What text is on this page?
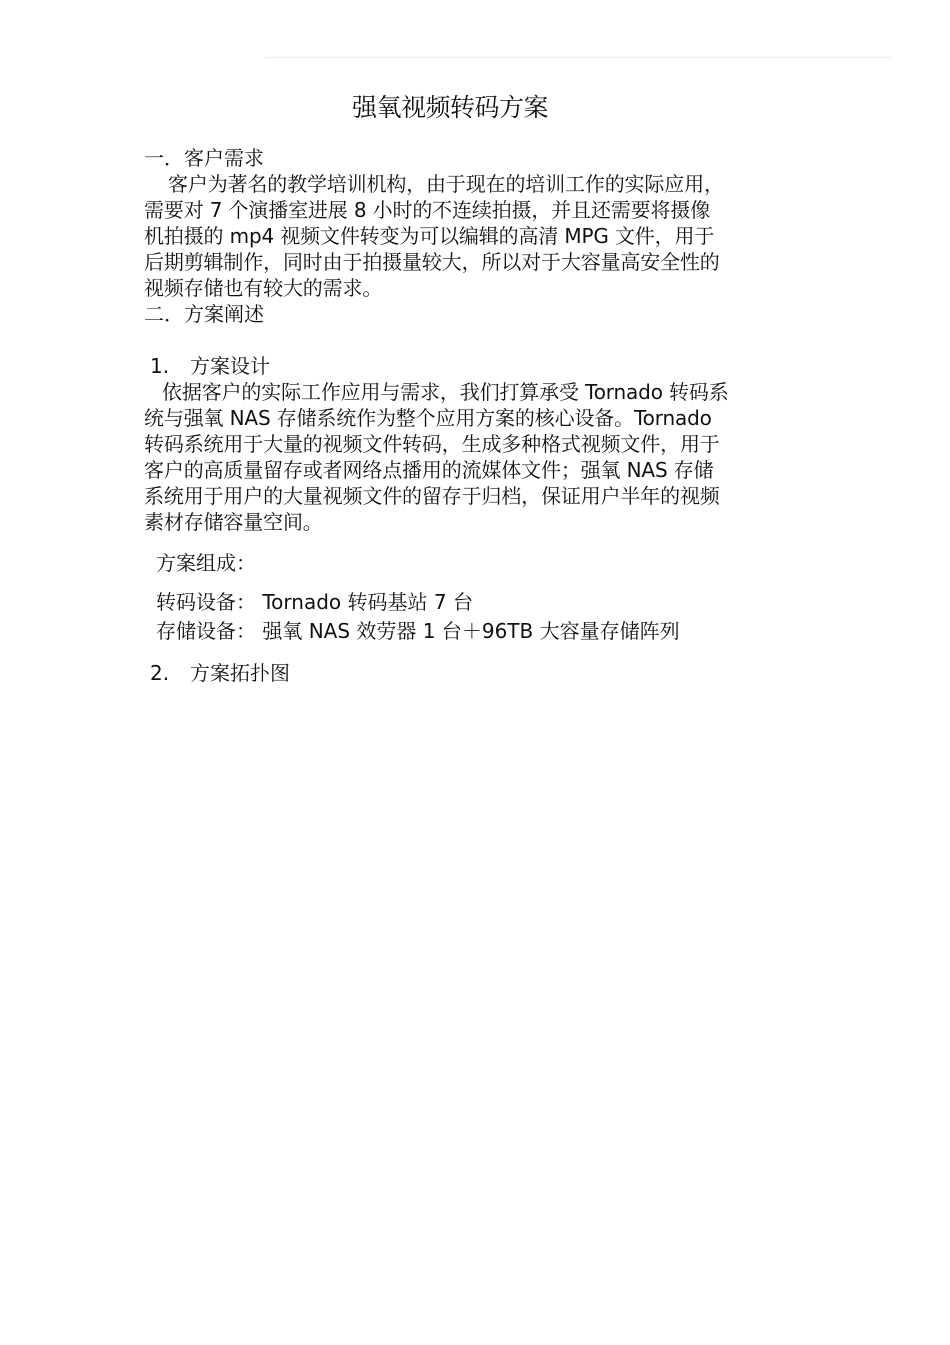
强氧视频转码方案
一．客户需求
客户为著名的教学培训机构，由于现在的培训工作的实际应用，
需要对 7 个演播室进展 8 小时的不连续拍摄，并且还需要将摄像
机拍摄的 mp4 视频文件转变为可以编辑的高清 MPG 文件，用于
后期剪辑制作，同时由于拍摄量较大，所以对于大容量高安全性的
视频存储也有较大的需求。
二．方案阐述
1. 方案设计
依据客户的实际工作应用与需求，我们打算承受 Tornado 转码系
统与强氧 NAS 存储系统作为整个应用方案的核心设备。Tornado
转码系统用于大量的视频文件转码，生成多种格式视频文件，用于
客户的高质量留存或者网络点播用的流媒体文件；强氧 NAS 存储
系统用于用户的大量视频文件的留存于归档，保证用户半年的视频
素材存储容量空间。
方案组成：
转码设备： Tornado 转码基站 7 台
存储设备： 强氧 NAS 效劳器 1 台＋96TB 大容量存储阵列
2. 方案拓扑图
